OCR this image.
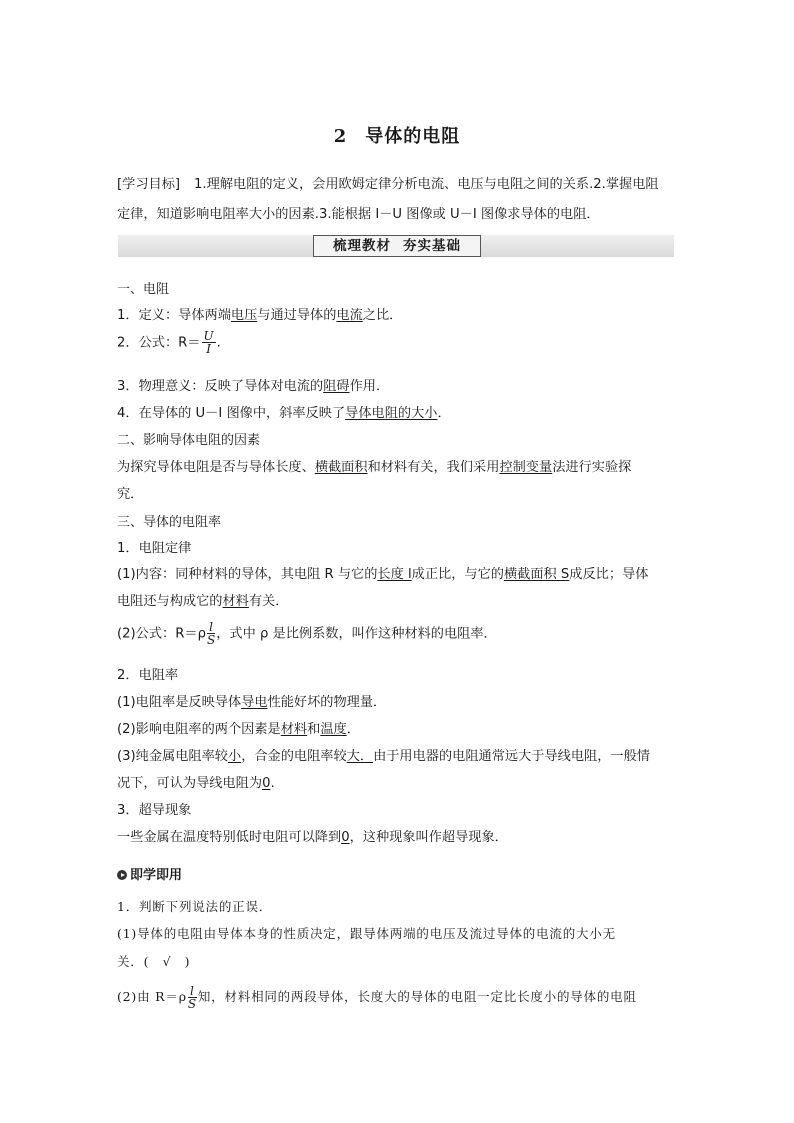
2 导体的电阻
[学习目标] 1.理解电阻的定义，会用欧姆定律分析电流、电压与电阻之间的关系.2.掌握电阻
定律，知道影响电阻率大小的因素.3.能根据 I－U 图像或 U－I 图像求导体的电阻．
梳理教材 夯实基础
一、电阻
1．定义：导体两端电压与通过导体的电流之比．
2．公式：$R= \frac{U}{I}$ .
3．物理意义：反映了导体对电流的阻碍作用．
4．在导体的 U－I 图像中，斜率反映了导体电阻的大小．
二、影响导体电阻的因素
为探究导体电阻是否与导体长度、横截面积和材料有关，我们采用控制变量法进行实验探
究．
三、导体的电阻率
1．电阻定律
(1)内容：同种材料的导体，其电阻 R 与它的长度 l成正比，与它的横截面积 S成反比；导体
电阻还与构成它的材料有关．
(2)公式：$R=\rho \frac{l}{S}$ ，式中 ρ 是比例系数，叫作这种材料的电阻率．
2．电阻率
(1)电阻率是反映导体导电性能好坏的物理量．
(2)影响电阻率的两个因素是材料和温度．
(3)纯金属电阻率较小，合金的电阻率较大．由于用电器的电阻通常远大于导线电阻，一般情
况下，可认为导线电阻为0.
3．超导现象
一些金属在温度特别低时电阻可以降到0，这种现象叫作超导现象．
即学即用
1．判断下列说法的正误．
(1)导体的电阻由导体本身的性质决定，跟导体两端的电压及流过导体的电流的大小无
关．(　√　)
(2)由 $R=\rho \frac{l}{S}$ 知，材料相同的两段导体，长度大的导体的电阻一定比长度小的导体的电阻
